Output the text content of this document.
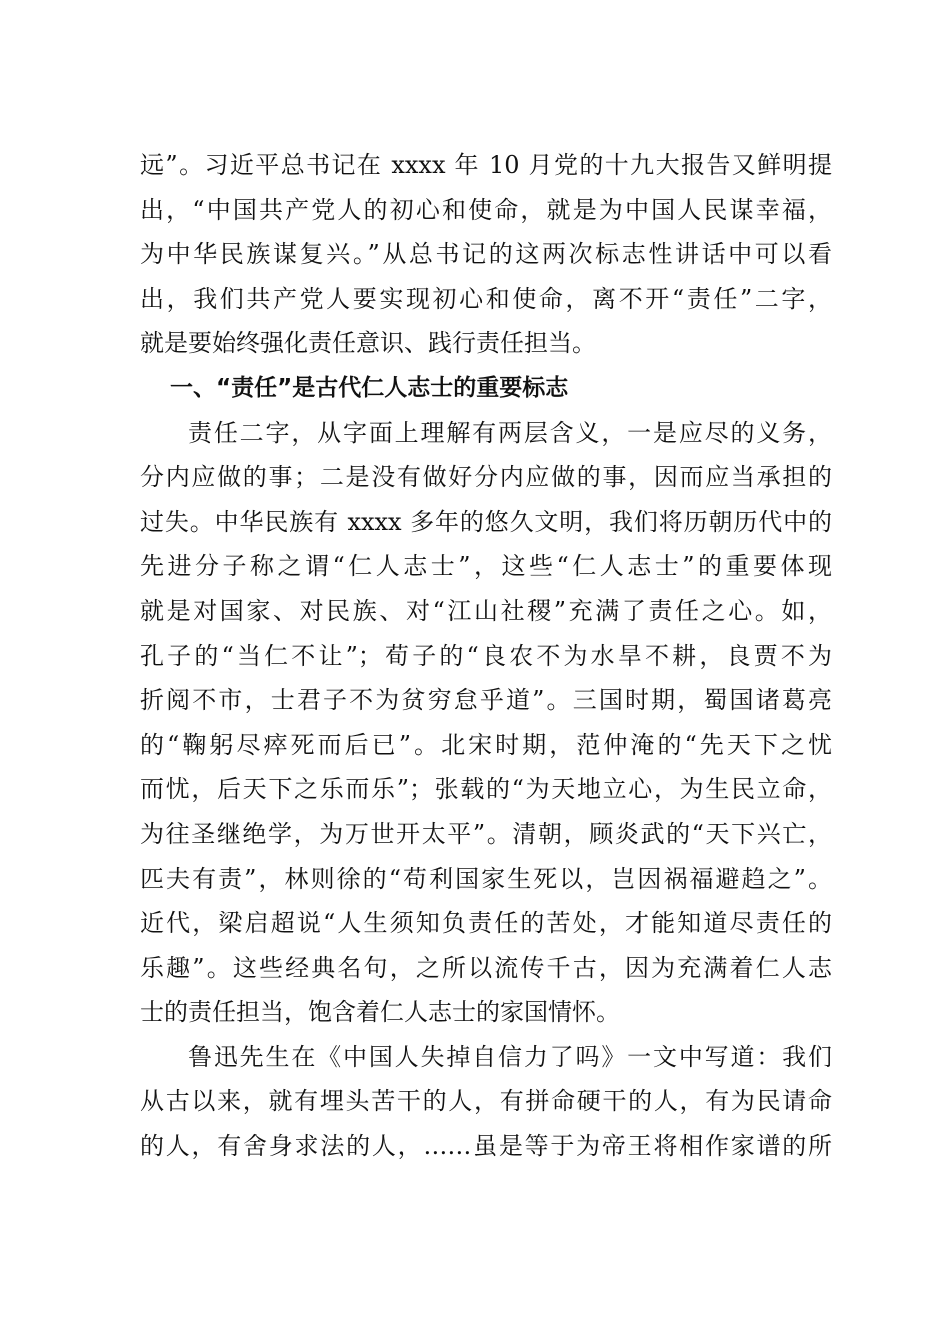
远”。习近平总书记在 xxxx 年 10 月党的十九大报告又鲜明提
出，“中国共产党人的初心和使命，就是为中国人民谋幸福，
为中华民族谋复兴。”从总书记的这两次标志性讲话中可以看
出，我们共产党人要实现初心和使命，离不开“责任”二字，
就是要始终强化责任意识、践行责任担当。
一、“责任”是古代仁人志士的重要标志
责任二字，从字面上理解有两层含义，一是应尽的义务，
分内应做的事；二是没有做好分内应做的事，因而应当承担的
过失。中华民族有 xxxx 多年的悠久文明，我们将历朝历代中的
先进分子称之谓“仁人志士”，这些“仁人志士”的重要体现
就是对国家、对民族、对“江山社稷”充满了责任之心。如，
孔子的“当仁不让”；荀子的“良农不为水旱不耕，良贾不为
折阅不市，士君子不为贫穷怠乎道”。三国时期，蜀国诸葛亮
的“鞠躬尽瘁死而后已”。北宋时期，范仲淹的“先天下之忧
而忧，后天下之乐而乐”；张载的“为天地立心，为生民立命，
为往圣继绝学，为万世开太平”。清朝，顾炎武的“天下兴亡，
匹夫有责”，林则徐的“苟利国家生死以，岂因祸福避趋之”。
近代，梁启超说“人生须知负责任的苦处，才能知道尽责任的
乐趣”。这些经典名句，之所以流传千古，因为充满着仁人志
士的责任担当，饱含着仁人志士的家国情怀。
鲁迅先生在《中国人失掉自信力了吗》一文中写道：我们
从古以来，就有埋头苦干的人，有拼命硬干的人，有为民请命
的人，有舍身求法的人，……虽是等于为帝王将相作家谱的所
